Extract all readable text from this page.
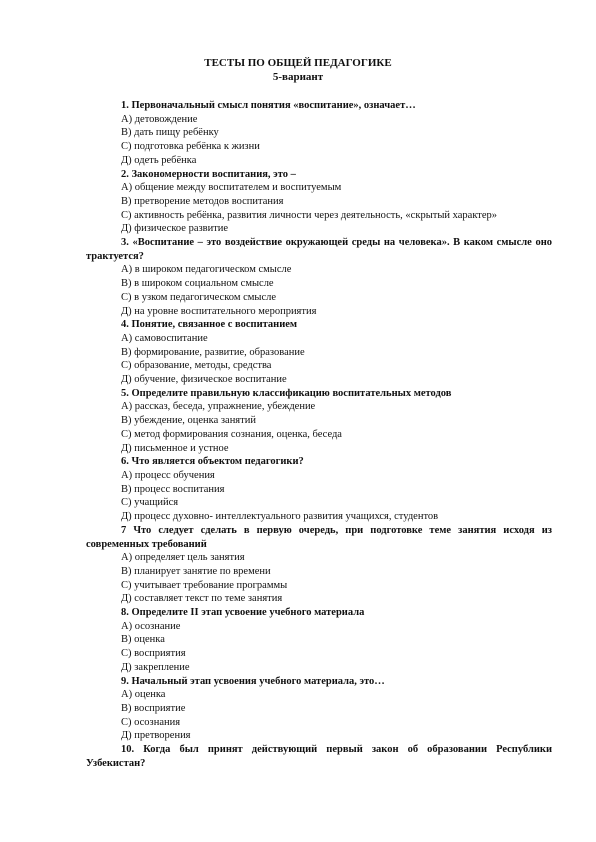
ТЕСТЫ ПО ОБЩЕЙ ПЕДАГОГИКЕ
5-вариант
1. Первоначальный смысл понятия «воспитание», означает…
А) детовождение
В) дать пищу ребёнку
С) подготовка ребёнка к жизни
Д) одеть ребёнка
2. Закономерности воспитания, это –
А) общение между воспитателем и воспитуемым
В) претворение методов воспитания
С) активность ребёнка, развития личности через деятельность, «скрытый характер»
Д) физическое развитие
3. «Воспитание – это воздействие окружающей среды на человека». В каком смысле оно трактуется?
А) в широком педагогическом смысле
В) в широком социальном смысле
С) в узком педагогическом смысле
Д) на уровне воспитательного мероприятия
4. Понятие, связанное с воспитанием
А) самовоспитание
В) формирование, развитие, образование
С) образование, методы, средства
Д) обучение, физическое воспитание
5. Определите правильную классификацию воспитательных методов
А) рассказ, беседа, упражнение, убеждение
В) убеждение, оценка занятий
С) метод формирования сознания, оценка, беседа
Д) письменное и устное
6. Что является объектом педагогики?
А) процесс обучения
В) процесс воспитания
С) учащийся
Д) процесс духовно- интеллектуального развития учащихся, студентов
7 Что следует сделать в первую очередь, при подготовке теме занятия исходя из современных требований
А) определяет цель занятия
В) планирует занятие по времени
С) учитывает требование программы
Д) составляет текст по теме занятия
8. Определите II этап усвоение учебного материала
А) осознание
В) оценка
С) восприятия
Д) закрепление
9. Начальный этап усвоения учебного материала, это…
А) оценка
В) восприятие
С) осознания
Д) претворения
10. Когда был принят действующий первый закон об образовании Республики Узбекистан?
